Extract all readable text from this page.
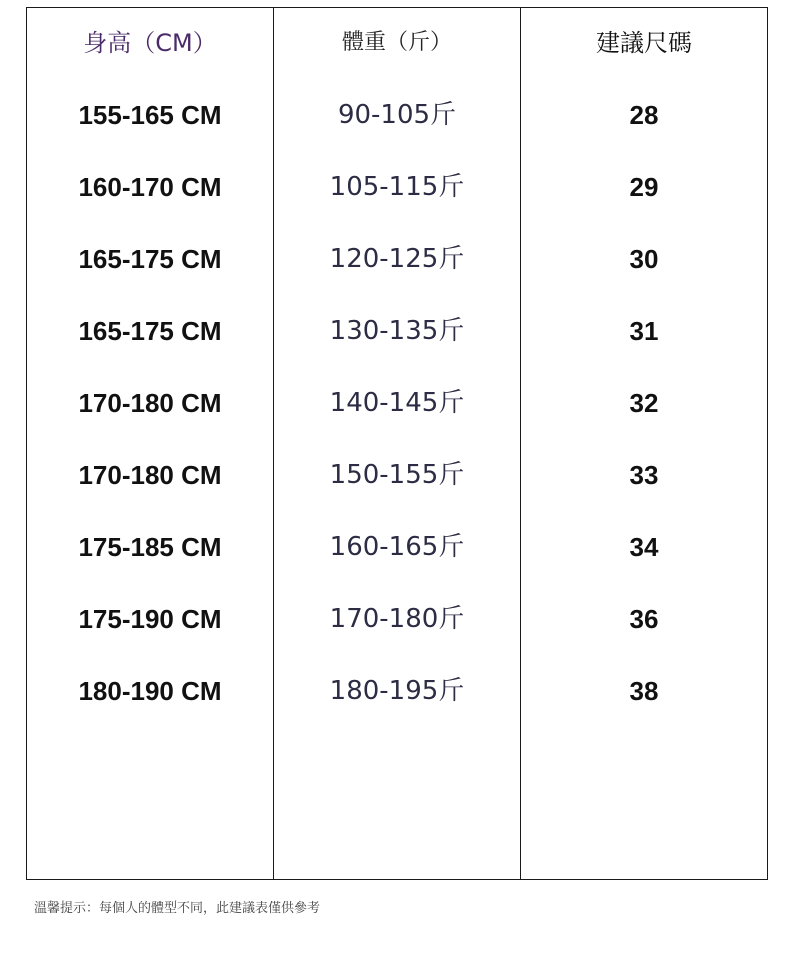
身高（CM）
155-165 CM
160-170 CM
165-175 CM
165-175 CM
170-180 CM
170-180 CM
175-185 CM
175-190 CM
180-190 CM
體重（斤）
90-105斤
105-115斤
120-125斤
130-135斤
140-145斤
150-155斤
160-165斤
170-180斤
180-195斤
建議尺碼
28
29
30
31
32
33
34
36
38
溫馨提示：每個人的體型不同，此建議表僅供參考
